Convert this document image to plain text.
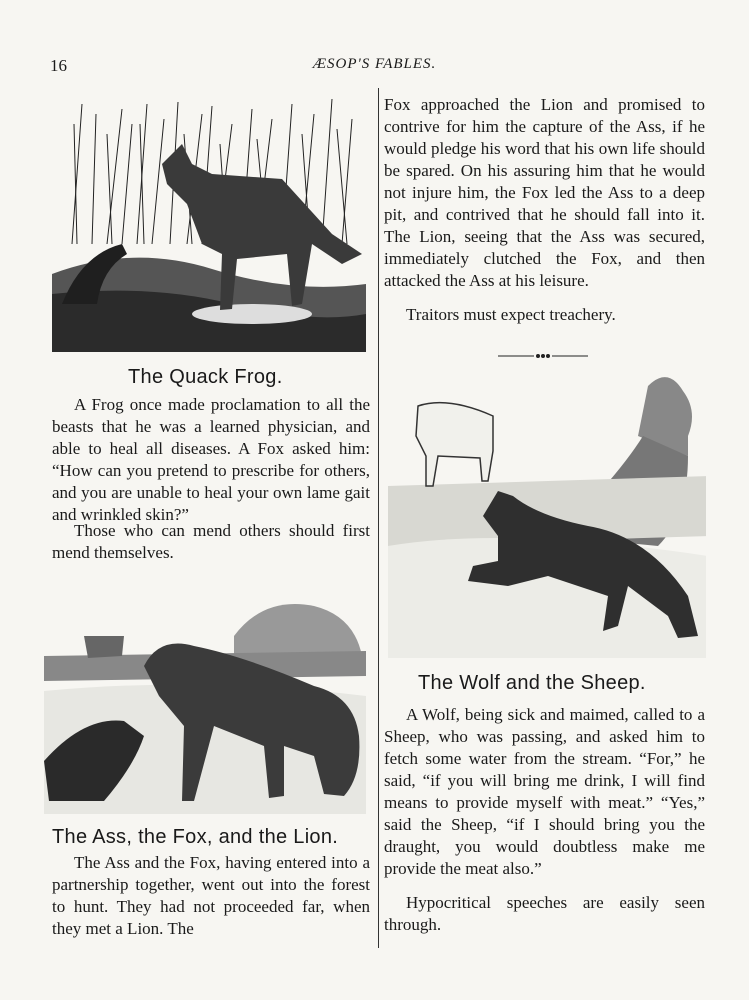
16	ÆSOP'S FABLES.
The Quack Frog.

A Frog once made proclamation to all the beasts that he was a learned physician, and able to heal all diseases. A Fox asked him: “How can you pretend to prescribe for others, and you are unable to heal your own lame gait and wrinkled skin?”

Those who can mend others should first mend themselves.

The Ass, the Fox, and the Lion.

The Ass and the Fox, having entered into a partnership together, went out into the forest to hunt. They had not proceeded far, when they met a Lion. The

Fox approached the Lion and promised to contrive for him the capture of the Ass, if he would pledge his word that his own life should be spared. On his assuring him that he would not injure him, the Fox led the Ass to a deep pit, and contrived that he should fall into it. The Lion, seeing that the Ass was secured, immediately clutched the Fox, and then attacked the Ass at his leisure.

Traitors must expect treachery.

The Wolf and the Sheep.

A Wolf, being sick and maimed, called to a Sheep, who was passing, and asked him to fetch some water from the stream. “For,” he said, “if you will bring me drink, I will find means to provide myself with meat.” “Yes,” said the Sheep, “if I should bring you the draught, you would doubtless make me provide the meat also.”

Hypocritical speeches are easily seen through.
